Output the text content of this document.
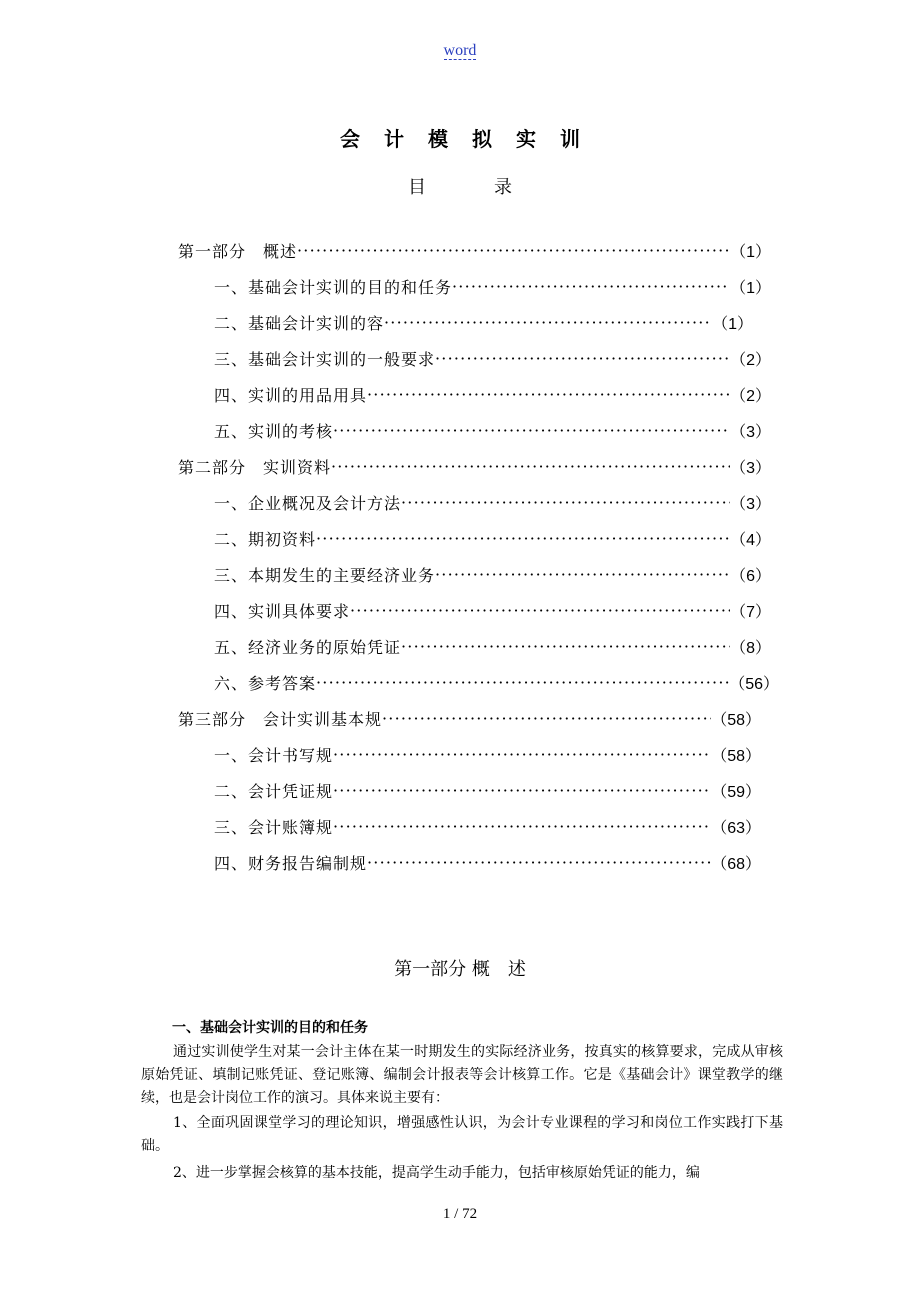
word
会计模拟实训
目录
第一部分　概述 ·····	（1）
一、基础会计实训的目的和任务 ·····	（1）
二、基础会计实训的容 ·····	（1）
三、基础会计实训的一般要求 ·····	（2）
四、实训的用品用具 ·····	（2）
五、实训的考核 ·····	（3）
第二部分　实训资料 ·····	（3）
一、企业概况及会计方法 ·····	（3）
二、期初资料 ·····	（4）
三、本期发生的主要经济业务 ·····	（6）
四、实训具体要求 ·····	（7）
五、经济业务的原始凭证 ·····	（8）
六、参考答案 ·····	（56）
第三部分　会计实训基本规 ·····	（58）
一、会计书写规 ·····	（58）
二、会计凭证规 ·····	（59）
三、会计账簿规 ·····	（63）
四、财务报告编制规 ·····	（68）
第一部分 概　述
一、基础会计实训的目的和任务
通过实训使学生对某一会计主体在某一时期发生的实际经济业务，按真实的核算要求，完成从审核原始凭证、填制记账凭证、登记账簿、编制会计报表等会计核算工作。它是《基础会计》课堂教学的继续，也是会计岗位工作的演习。具体来说主要有：
1、全面巩固课堂学习的理论知识，增强感性认识，为会计专业课程的学习和岗位工作实践打下基础。
2、进一步掌握会核算的基本技能，提高学生动手能力，包括审核原始凭证的能力，编
1 / 72
